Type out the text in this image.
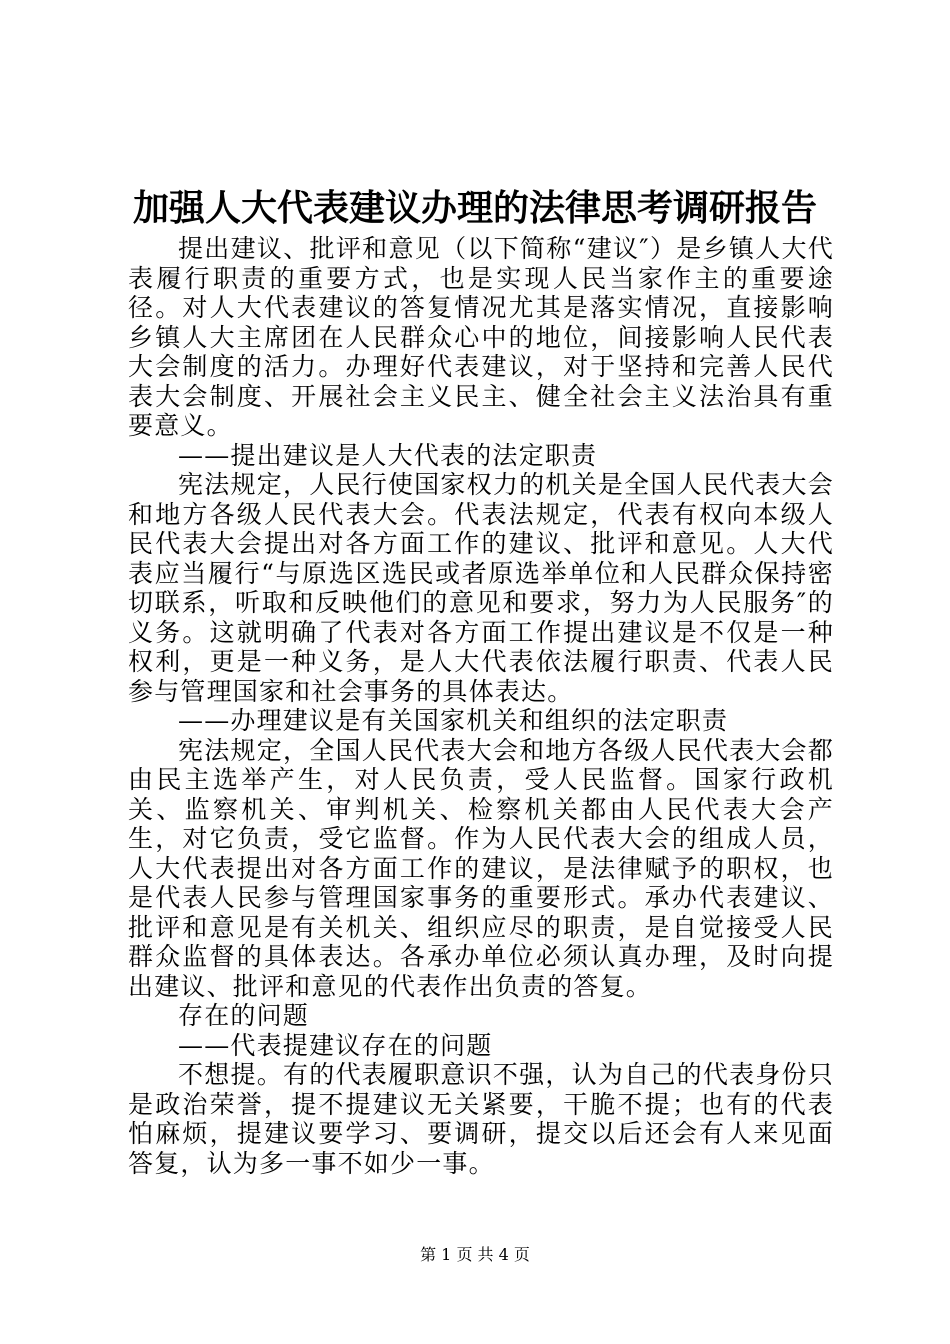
加强人大代表建议办理的法律思考调研报告

提出建议、批评和意见（以下简称“建议″）是乡镇人大代表履行职责的重要方式，也是实现人民当家作主的重要途径。对人大代表建议的答复情况尤其是落实情况，直接影响乡镇人大主席团在人民群众心中的地位，间接影响人民代表大会制度的活力。办理好代表建议，对于坚持和完善人民代表大会制度、开展社会主义民主、健全社会主义法治具有重要意义。

——提出建议是人大代表的法定职责

宪法规定，人民行使国家权力的机关是全国人民代表大会和地方各级人民代表大会。代表法规定，代表有权向本级人民代表大会提出对各方面工作的建议、批评和意见。人大代表应当履行“与原选区选民或者原选举单位和人民群众保持密切联系，听取和反映他们的意见和要求，努力为人民服务″的义务。这就明确了代表对各方面工作提出建议是不仅是一种权利，更是一种义务，是人大代表依法履行职责、代表人民参与管理国家和社会事务的具体表达。

——办理建议是有关国家机关和组织的法定职责

宪法规定，全国人民代表大会和地方各级人民代表大会都由民主选举产生，对人民负责，受人民监督。国家行政机关、监察机关、审判机关、检察机关都由人民代表大会产生，对它负责，受它监督。作为人民代表大会的组成人员，人大代表提出对各方面工作的建议，是法律赋予的职权，也是代表人民参与管理国家事务的重要形式。承办代表建议、批评和意见是有关机关、组织应尽的职责，是自觉接受人民群众监督的具体表达。各承办单位必须认真办理，及时向提出建议、批评和意见的代表作出负责的答复。

存在的问题

——代表提建议存在的问题

不想提。有的代表履职意识不强，认为自己的代表身份只是政治荣誉，提不提建议无关紧要，干脆不提；也有的代表怕麻烦，提建议要学习、要调研，提交以后还会有人来见面答复，认为多一事不如少一事。

第 1 页 共 4 页
